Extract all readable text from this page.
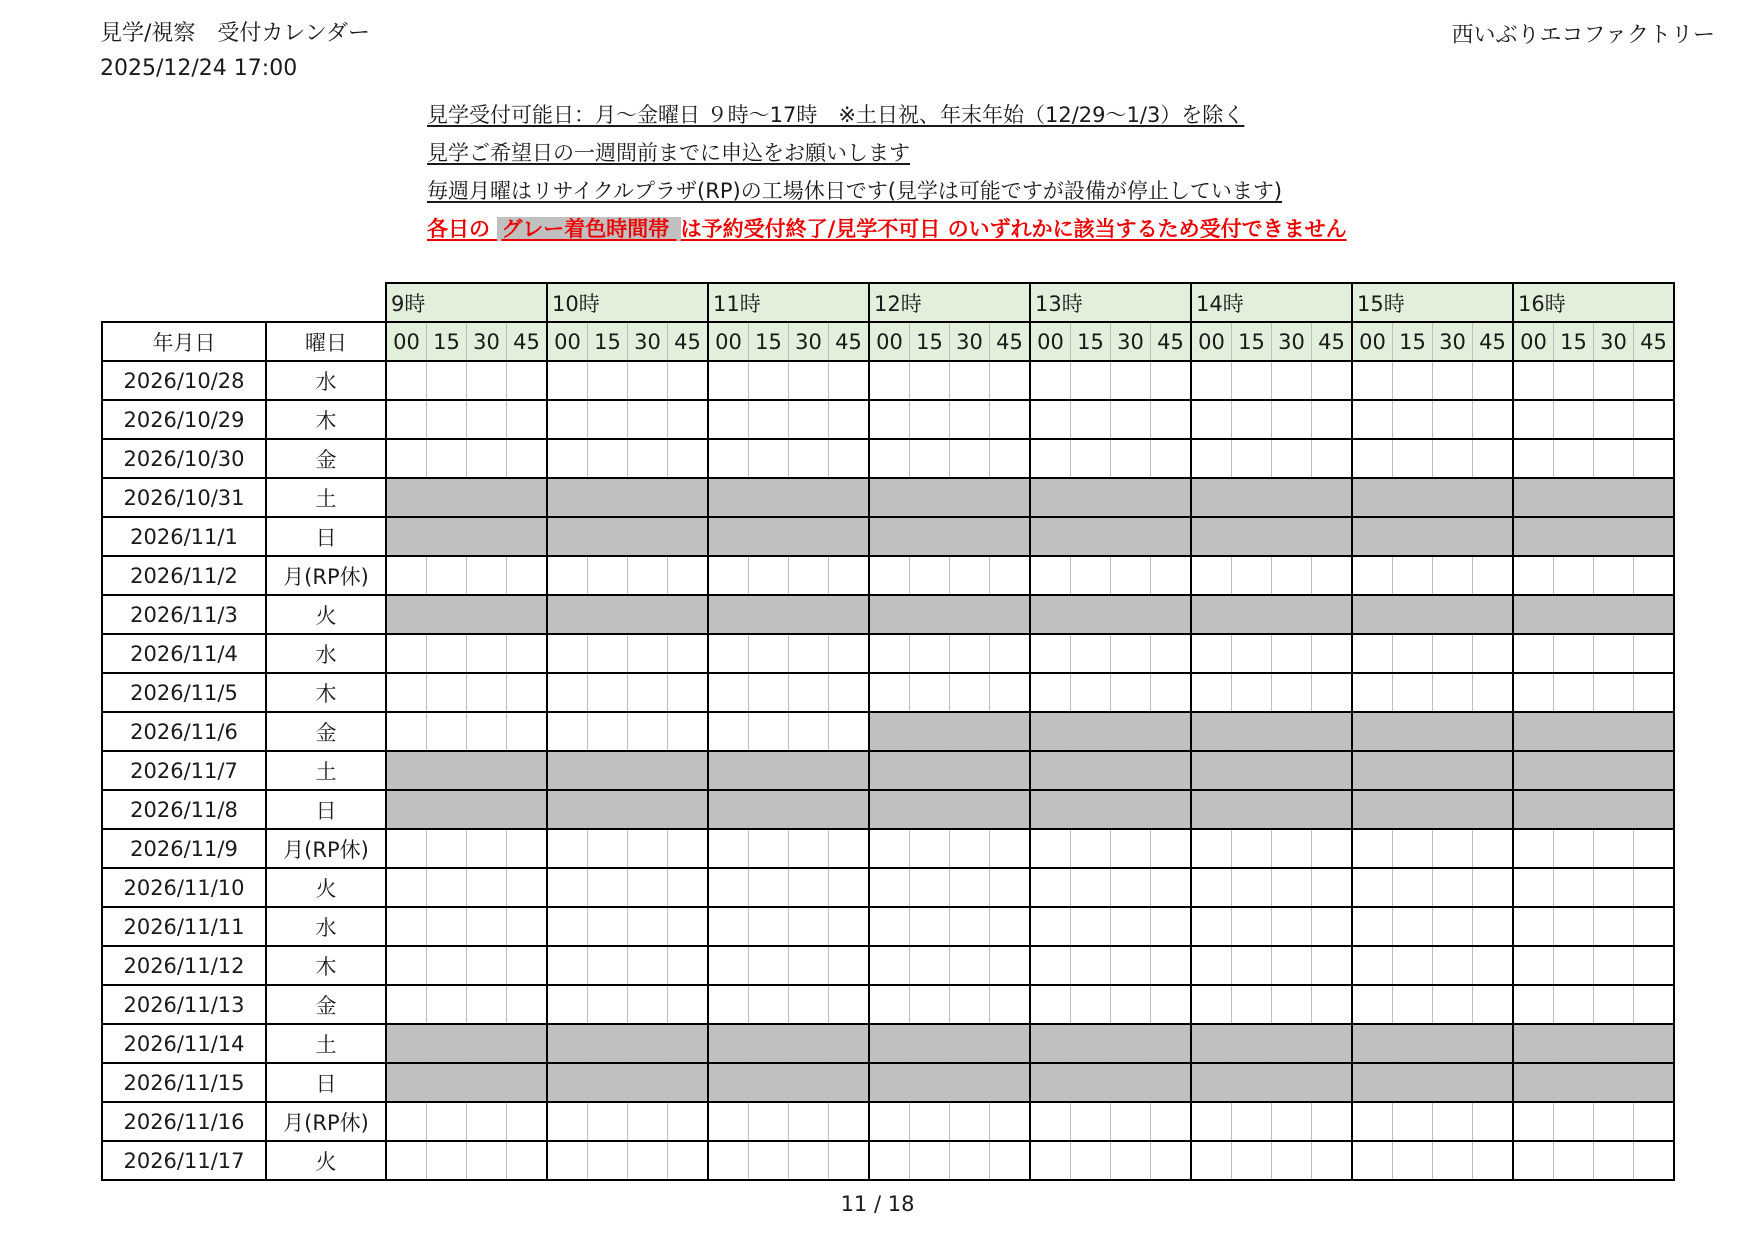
見学/視察　受付カレンダー
2025/12/24 17:00
西いぶりエコファクトリー
見学受付可能日：月～金曜日 ９時～17時　※土日祝、年末年始（12/29～1/3）を除く
見学ご希望日の一週間前までに申込をお願いします
毎週月曜はリサイクルプラザ(RP)の工場休日です(見学は可能ですが設備が停止しています)
各日の グレー着色時間帯 は予約受付終了/見学不可日 のいずれかに該当するため受付できません
		9時				10時				11時				12時				13時				14時				15時				16時			
年月日	曜日	00	15	30	45	00	15	30	45	00	15	30	45	00	15	30	45	00	15	30	45	00	15	30	45	00	15	30	45	00	15	30	45
2026/10/28	水																																
2026/10/29	木																																
2026/10/30	金																																
2026/10/31	土																																
2026/11/1	日																																
2026/11/2	月(RP休)																																
2026/11/3	火																																
2026/11/4	水																																
2026/11/5	木																																
2026/11/6	金																																
2026/11/7	土																																
2026/11/8	日																																
2026/11/9	月(RP休)																																
2026/11/10	火																																
2026/11/11	水																																
2026/11/12	木																																
2026/11/13	金																																
2026/11/14	土																																
2026/11/15	日																																
2026/11/16	月(RP休)																																
2026/11/17	火																																
11 / 18
